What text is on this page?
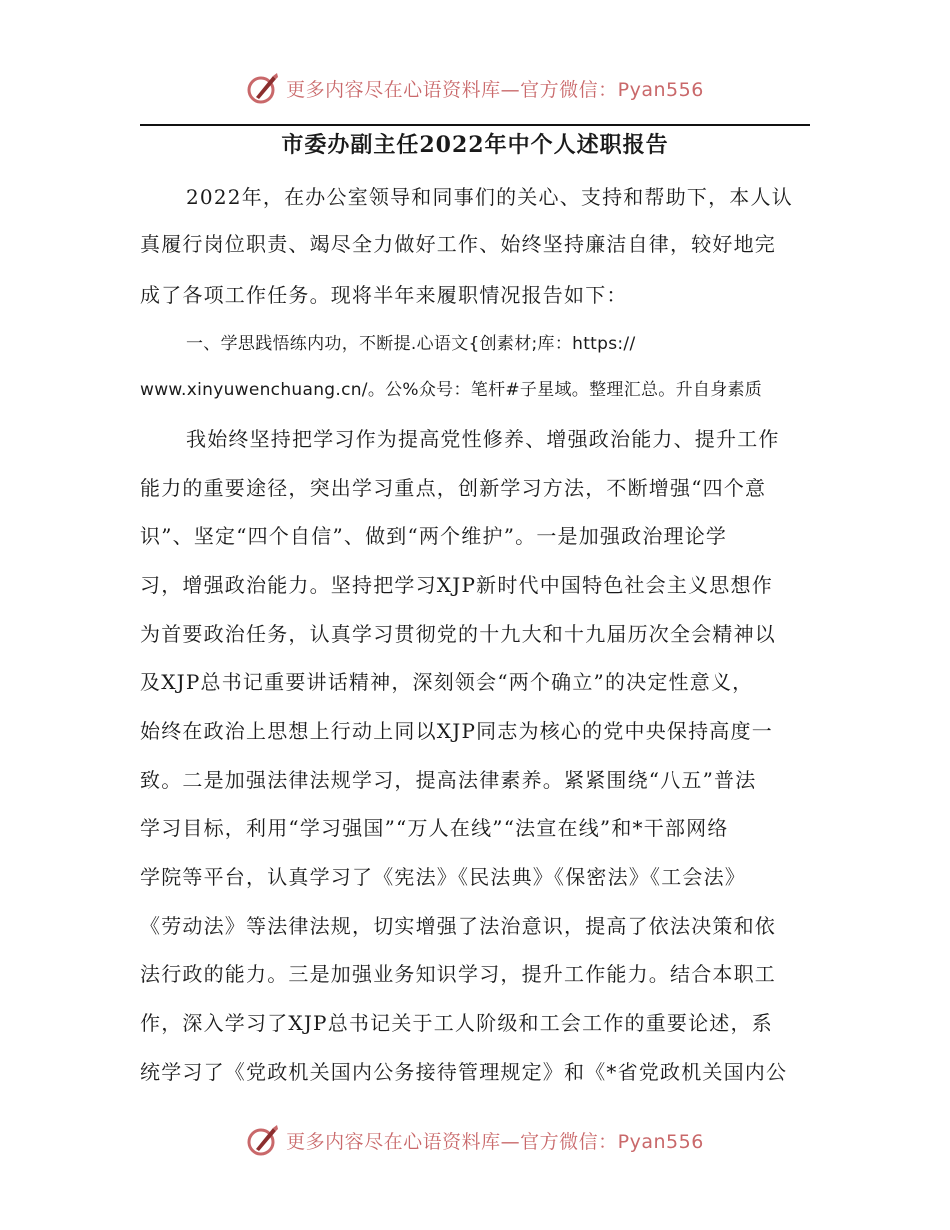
更多内容尽在心语资料库—官方微信：Pyan556
市委办副主任2022年中个人述职报告
2022年，在办公室领导和同事们的关心、支持和帮助下，本人认
真履行岗位职责、竭尽全力做好工作、始终坚持廉洁自律，较好地完
成了各项工作任务。现将半年来履职情况报告如下：
一、学思践悟练内功，不断提.心语文{创素材;库：https://
www.xinyuwenchuang.cn/。公%众号：笔杆#子星域。整理汇总。升自身素质
我始终坚持把学习作为提高党性修养、增强政治能力、提升工作
能力的重要途径，突出学习重点，创新学习方法，不断增强“四个意
识”、坚定“四个自信”、做到“两个维护”。一是加强政治理论学
习，增强政治能力。坚持把学习XJP新时代中国特色社会主义思想作
为首要政治任务，认真学习贯彻党的十九大和十九届历次全会精神以
及XJP总书记重要讲话精神，深刻领会“两个确立”的决定性意义，
始终在政治上思想上行动上同以XJP同志为核心的党中央保持高度一
致。二是加强法律法规学习，提高法律素养。紧紧围绕“八五”普法
学习目标，利用“学习强国”“万人在线”“法宣在线”和*干部网络
学院等平台，认真学习了《宪法》《民法典》《保密法》《工会法》
《劳动法》等法律法规，切实增强了法治意识，提高了依法决策和依
法行政的能力。三是加强业务知识学习，提升工作能力。结合本职工
作，深入学习了XJP总书记关于工人阶级和工会工作的重要论述，系
统学习了《党政机关国内公务接待管理规定》和《*省党政机关国内公
更多内容尽在心语资料库—官方微信：Pyan556
